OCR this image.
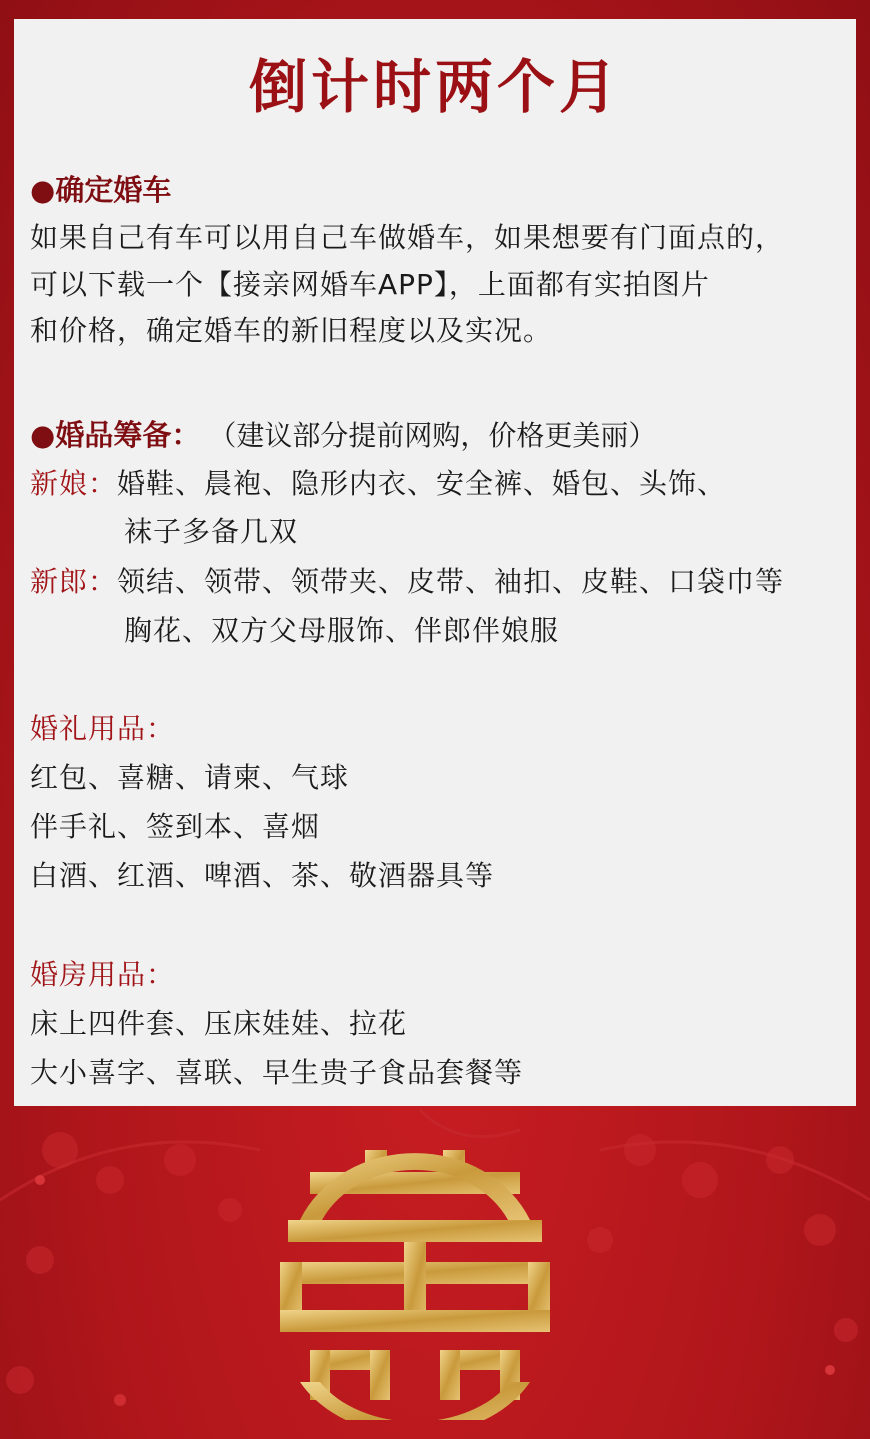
倒计时两个月
●确定婚车
如果自己有车可以用自己车做婚车，如果想要有门面点的，
可以下载一个【接亲网婚车APP】，上面都有实拍图片
和价格，确定婚车的新旧程度以及实况。
●婚品筹备： （建议部分提前网购，价格更美丽）
新娘：婚鞋、晨袍、隐形内衣、安全裤、婚包、头饰、
袜子多备几双
新郎：领结、领带、领带夹、皮带、袖扣、皮鞋、口袋巾等
胸花、双方父母服饰、伴郎伴娘服
婚礼用品：
红包、喜糖、请柬、气球
伴手礼、签到本、喜烟
白酒、红酒、啤酒、茶、敬酒器具等
婚房用品：
床上四件套、压床娃娃、拉花
大小喜字、喜联、早生贵子食品套餐等
囍
